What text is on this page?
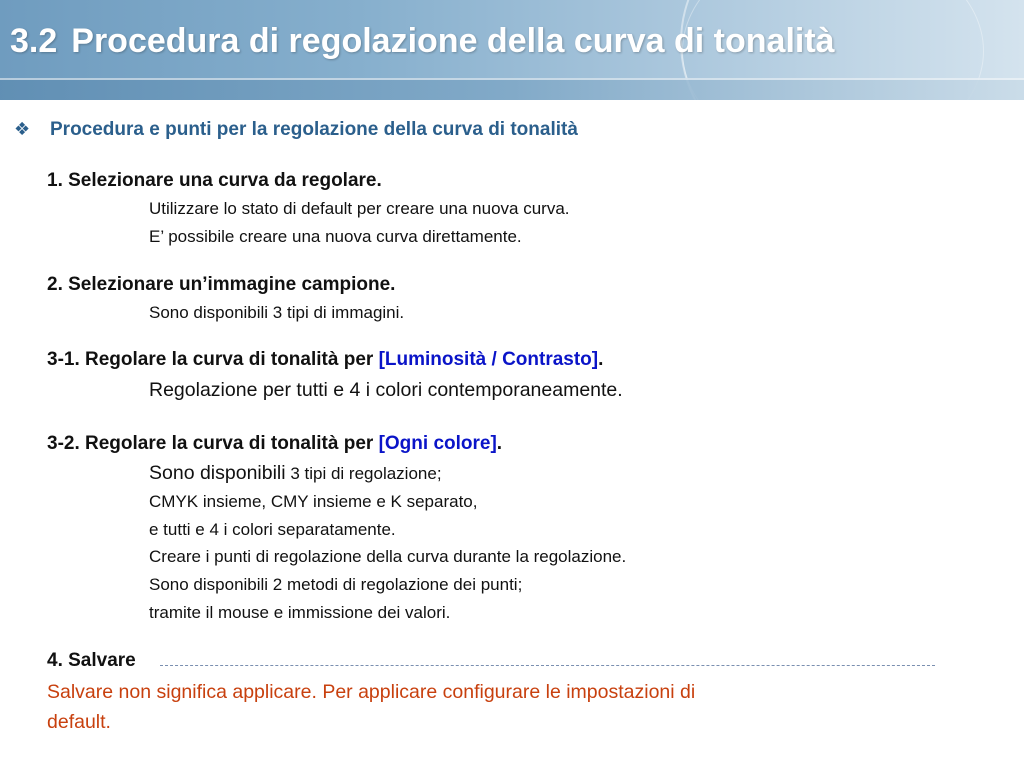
3.2 Procedura di regolazione della curva di tonalità
❖ Procedura e punti per la regolazione della curva di tonalità
1. Selezionare una curva da regolare.
Utilizzare lo stato di default per creare una nuova curva.
E’ possibile creare una nuova curva direttamente.
2. Selezionare un’immagine campione.
Sono disponibili 3 tipi di immagini.
3-1. Regolare la curva di tonalità per [Luminosità / Contrasto].
Regolazione per tutti e 4 i colori contemporaneamente.
3-2. Regolare la curva di tonalità per [Ogni colore].
Sono disponibili 3 tipi di regolazione;
CMYK insieme, CMY insieme e K separato,
e tutti e 4 i colori separatamente.
Creare i punti di regolazione della curva durante la regolazione.
Sono disponibili 2 metodi di regolazione dei punti;
tramite il mouse e immissione dei valori.
4. Salvare
Salvare non significa applicare. Per applicare configurare le impostazioni di
default.
